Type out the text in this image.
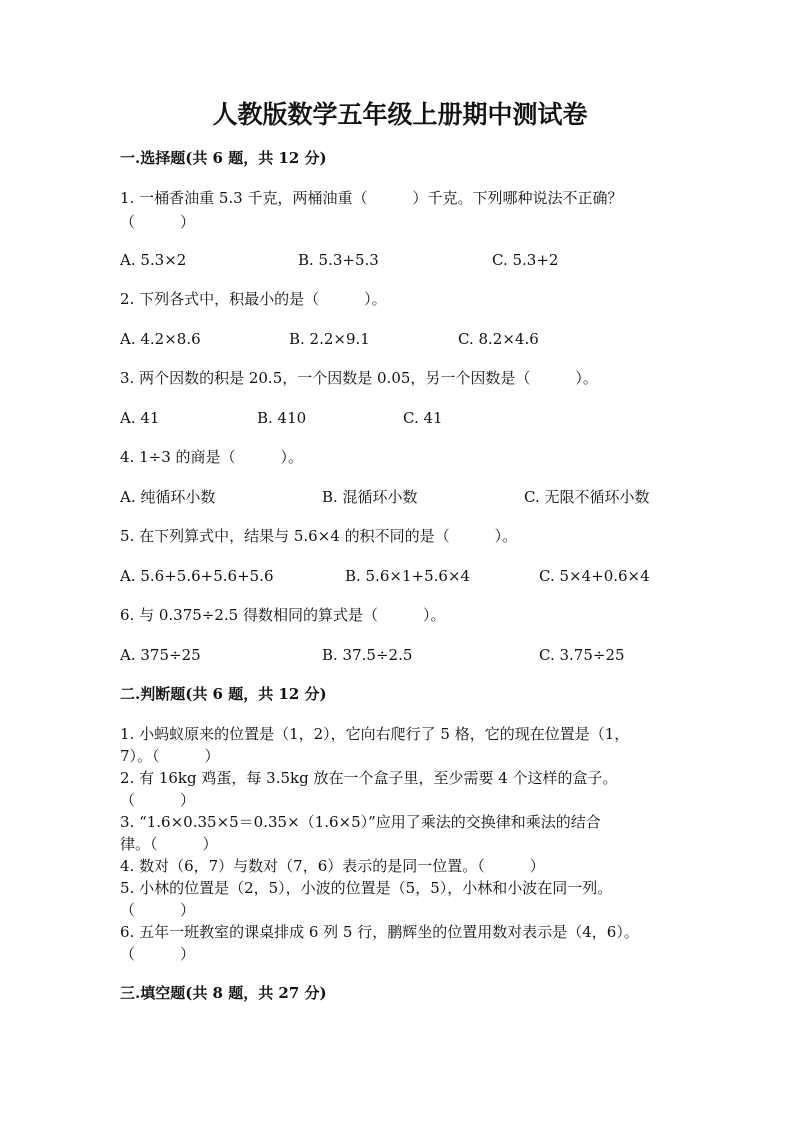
人教版数学五年级上册期中测试卷
一.选择题(共 6 题，共 12 分)
1. 一桶香油重 5.3 千克，两桶油重（　　　）千克。下列哪种说法不正确？
（　　　）
A. 5.3×2	B. 5.3+5.3	C. 5.3+2
2. 下列各式中，积最小的是（　　　）。
A. 4.2×8.6	B. 2.2×9.1	C. 8.2×4.6
3. 两个因数的积是 20.5，一个因数是 0.05，另一个因数是（　　　）。
A. 41	B. 410	C. 41
4. 1÷3 的商是（　　　）。
A. 纯循环小数	B. 混循环小数	C. 无限不循环小数
5. 在下列算式中，结果与 5.6×4 的积不同的是（　　　）。
A. 5.6+5.6+5.6+5.6	B. 5.6×1+5.6×4	C. 5×4+0.6×4
6. 与 0.375÷2.5 得数相同的算式是（　　　）。
A. 375÷25	B. 37.5÷2.5	C. 3.75÷25
二.判断题(共 6 题，共 12 分)
1. 小蚂蚁原来的位置是（1，2），它向右爬行了 5 格，它的现在位置是（1，
7）。（　　　）
2. 有 16kg 鸡蛋，每 3.5kg 放在一个盒子里，至少需要 4 个这样的盒子。
（　　　）
3. “1.6×0.35×5＝0.35×（1.6×5）”应用了乘法的交换律和乘法的结合
律。（　　　）
4. 数对（6，7）与数对（7，6）表示的是同一位置。（　　　）
5. 小林的位置是（2，5），小波的位置是（5，5），小林和小波在同一列。
（　　　）
6. 五年一班教室的课桌排成 6 列 5 行，鹏辉坐的位置用数对表示是（4，6）。
（　　　）
三.填空题(共 8 题，共 27 分)
